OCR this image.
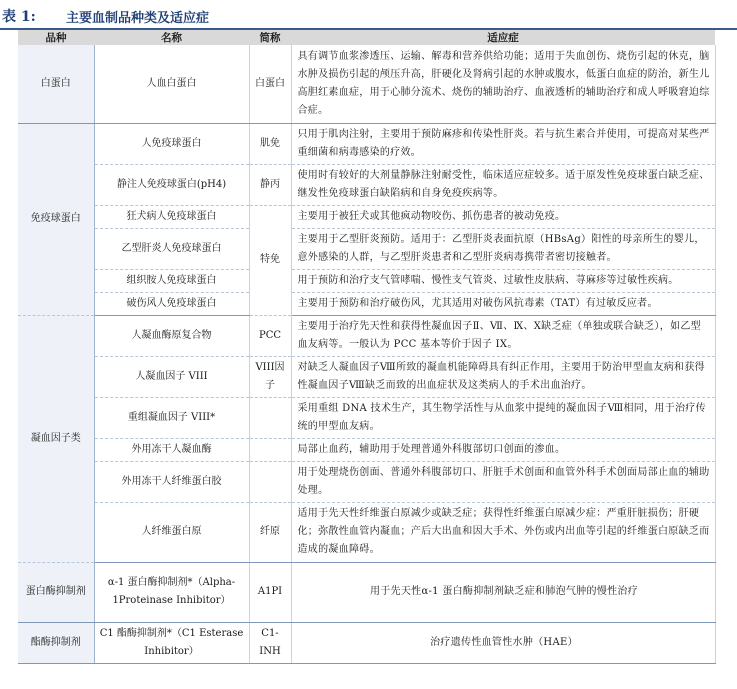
表 1: 主要血制品种类及适应症
品种	名称	简称	适应症
白蛋白	人血白蛋白	白蛋白	具有调节血浆渗透压、运输、解毒和营养供给功能；适用于失血创伤、烧伤引起的休克，脑水肿及损伤引起的颅压升高，肝硬化及肾病引起的水肿或腹水，低蛋白血症的防治，新生儿高胆红素血症，用于心肺分流术、烧伤的辅助治疗、血液透析的辅助治疗和成人呼吸窘迫综合症。
免疫球蛋白	人免疫球蛋白	肌免	只用于肌肉注射，主要用于预防麻疹和传染性肝炎。若与抗生素合并使用，可提高对某些严重细菌和病毒感染的疗效。
	静注人免疫球蛋白(pH4)	静丙	使用时有较好的大剂量静脉注射耐受性，临床适应症较多。适于原发性免疫球蛋白缺乏症、继发性免疫球蛋白缺陷病和自身免疫疾病等。
	狂犬病人免疫球蛋白	特免	主要用于被狂犬或其他疯动物咬伤、抓伤患者的被动免疫。
	乙型肝炎人免疫球蛋白		主要用于乙型肝炎预防。适用于：乙型肝炎表面抗原（HBsAg）阳性的母亲所生的婴儿，意外感染的人群，与乙型肝炎患者和乙型肝炎病毒携带者密切接触者。
	组织胺人免疫球蛋白		用于预防和治疗支气管哮喘、慢性支气管炎、过敏性皮肤病、荨麻疹等过敏性疾病。
	破伤风人免疫球蛋白		主要用于预防和治疗破伤风，尤其适用对破伤风抗毒素（TAT）有过敏反应者。
凝血因子类	人凝血酶原复合物	PCC	主要用于治疗先天性和获得性凝血因子Ⅱ、Ⅶ、Ⅸ、Ⅹ缺乏症（单独或联合缺乏），如乙型血友病等。一般认为 PCC 基本等价于因子 IX。
	人凝血因子 VIII	VIII因子	对缺乏人凝血因子Ⅷ所致的凝血机能障碍具有纠正作用，主要用于防治甲型血友病和获得性凝血因子Ⅷ缺乏而致的出血症状及这类病人的手术出血治疗。
	重组凝血因子 VIII*		采用重组 DNA 技术生产，其生物学活性与从血浆中提纯的凝血因子Ⅷ相同，用于治疗传统的甲型血友病。
	外用冻干人凝血酶		局部止血药，辅助用于处理普通外科腹部切口创面的渗血。
	外用冻干人纤维蛋白胶		用于处理烧伤创面、普通外科腹部切口、肝脏手术创面和血管外科手术创面局部止血的辅助处理。
	人纤维蛋白原	纤原	适用于先天性纤维蛋白原减少或缺乏症；获得性纤维蛋白原减少症：严重肝脏损伤；肝硬化；弥散性血管内凝血；产后大出血和因大手术、外伤或内出血等引起的纤维蛋白原缺乏而造成的凝血障碍。
蛋白酶抑制剂	α-1 蛋白酶抑制剂*（Alpha-1Proteinase Inhibitor）	A1PI	用于先天性α-1 蛋白酶抑制剂缺乏症和肺泡气肿的慢性治疗
酯酶抑制剂	C1 酯酶抑制剂*（C1 Esterase Inhibitor）	C1-INH	治疗遗传性血管性水肿（HAE）
